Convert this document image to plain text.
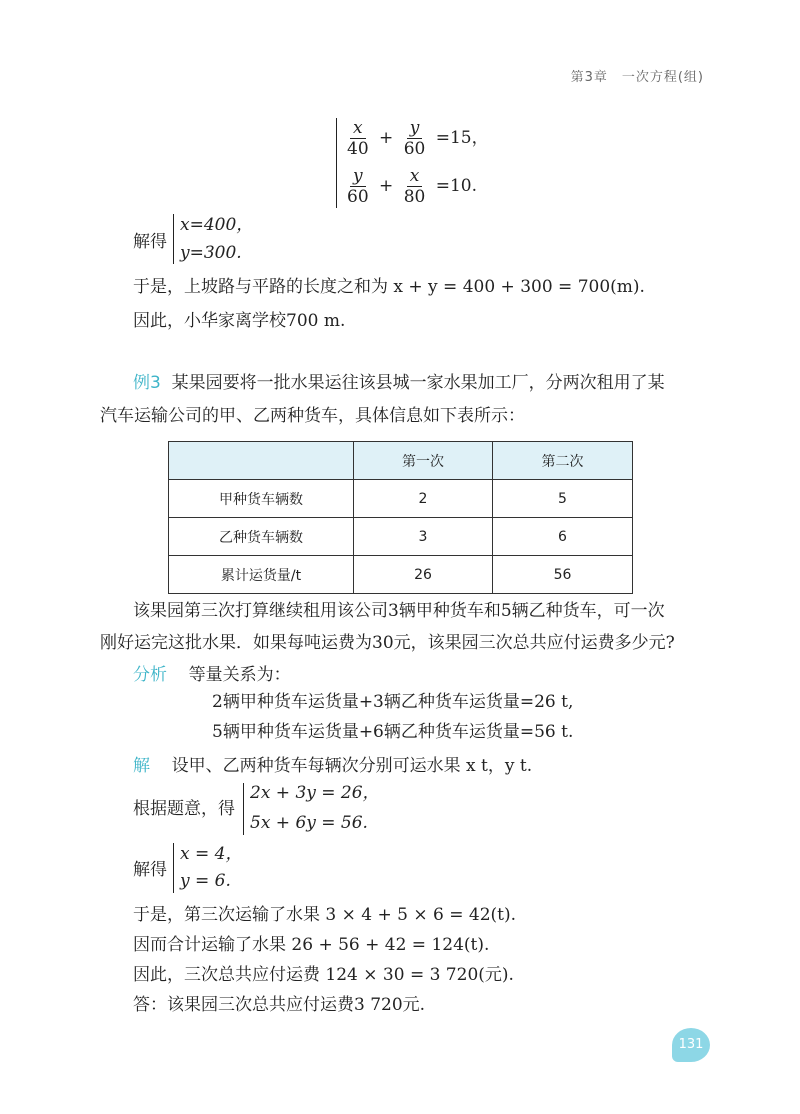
第3章　一次方程(组)
$\frac{x}{40} + \frac{y}{60} =15$，
$\frac{y}{60} + \frac{x}{80} =10$.
解得
x=400，
y=300.
于是，上坡路与平路的长度之和为 x + y = 400 + 300 = 700(m).
因此，小华家离学校700 m.
例3 某果园要将一批水果运往该县城一家水果加工厂，分两次租用了某
汽车运输公司的甲、乙两种货车，具体信息如下表所示：
	第一次	第二次
甲种货车辆数	2	5
乙种货车辆数	3	6
累计运货量/t	26	56
该果园第三次打算继续租用该公司3辆甲种货车和5辆乙种货车，可一次
刚好运完这批水果．如果每吨运费为30元，该果园三次总共应付运费多少元?
分析 等量关系为：
2辆甲种货车运货量+3辆乙种货车运货量=26 t,
5辆甲种货车运货量+6辆乙种货车运货量=56 t.
解 设甲、乙两种货车每辆次分别可运水果 x t，y t.
根据题意，得
2x + 3y = 26，
5x + 6y = 56.
解得
x = 4，
y = 6.
于是，第三次运输了水果 3 × 4 + 5 × 6 = 42(t).
因而合计运输了水果 26 + 56 + 42 = 124(t).
因此，三次总共应付运费 124 × 30 = 3 720(元).
答：该果园三次总共应付运费3 720元.
131
